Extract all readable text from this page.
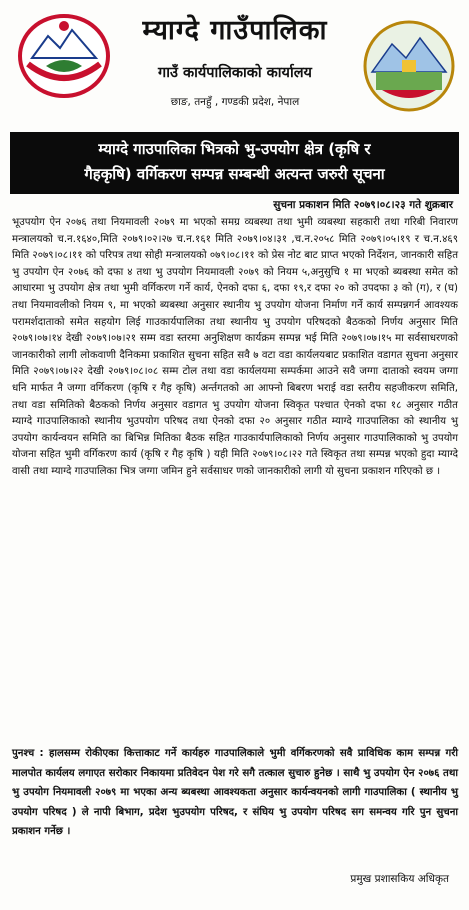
म्याग्दे गाउँपालिका
गाउँ कार्यपालिकाको कार्यालय
छाङ, तनहुँ , गण्डकी प्रदेश, नेपाल
म्याग्दे गाउपालिका भित्रको भु-उपयोग क्षेत्र (कृषि र
गैहकृषि) वर्गिकरण सम्पन्न सम्बन्धी अत्यन्त जरुरी सूचना
सुचना प्रकाशन मिति २०७९।०८।२३ गते शुक्रबार

भूउपयोग ऐन २०७६ तथा नियमावली २०७९ मा भएको समग्र व्यबस्था तथा भुमी व्यबस्था सहकारी तथा गरिबी निवारण मन्त्रालयको च.न.१६४०,मिति २०७९।०२।२७ च.न.१६१ मिति २०७९।०४।३१ ,च.न.२०५८ मिति २०७९।०५।१९ र च.न.४६९ मिति २०७९।०८।११ को परिपत्र तथा सोही मन्त्रालयको ०७९।०८।११ को प्रेस नोट बाट प्राप्त भएको निर्देशन, जानकारी सहित भु उपयोग ऐन २०७६ को दफा ४ तथा भु उपयोग नियमावली २०७९ को नियम ५,अनुसुचि १ मा भएको ब्यबस्था समेत को आधारमा भु उपयोग क्षेत्र तथा भुमी वर्गिकरण गर्ने कार्य, ऐनको दफा ६, दफा १९,र दफा २० को उपदफा ३ को (ग), र (घ) तथा नियमावलीको नियम ९, मा भएको ब्यबस्था अनुसार स्थानीय भु उपयोग योजना निर्माण गर्ने कार्य सम्पन्नगर्न आवश्यक परामर्शदाताको समेत सहयोग लिई गाउकार्यपालिका तथा स्थानीय भु उपयोग परिषदको बैठकको निर्णय अनुसार मिति २०७९।०७।१४ देखी २०७९।०७।२१ सम्म वडा स्तरमा अनुशिक्षण कार्यक्रम सम्पन्न भई मिति २०७९।०७।१५ मा सर्वसाधरणको जानकारीको लागी लोकवाणी दैनिकमा प्रकाशित सुचना सहित सवै ७ वटा वडा कार्यलयबाट प्रकाशित वडागत सुचना अनुसार मिति २०७९।०७।२२ देखी २०७९।०८।०८ सम्म टोल तथा वडा कार्यलयमा सम्पर्कमा आउने सवै जग्गा दाताको स्वयम जग्गा धनि मार्फत नै जग्गा वर्गिकरण (कृषि र गैह कृषि) अर्न्तगतको आ आफ्नो बिबरण भराई वडा स्तरीय सहजीकरण समिति, तथा वडा समितिको बैठकको निर्णय अनुसार वडागत भु उपयोग योजना स्विकृत पश्चात ऐनको दफा १८ अनुसार गठीत म्याग्दे गाउपालिकाको स्थानीय भुउपयोग परिषद तथा ऐनको दफा २० अनुसार गठीत म्याग्दे गाउपालिका को स्थानीय भु उपयोग कार्यन्वयन समिति का बिभिन्न मितिका बैठक सहित गाउकार्यपालिकाको निर्णय अनुसार गाउपालिकाको भु उपयोग योजना सहित भुमी वर्गिकरण कार्य (कृषि र गैह कृषि ) यही मिति २०७९।०८।२२ गते स्विकृत तथा सम्पन्न भएको हुदा म्याग्दे वासी तथा म्याग्दे गाउपालिका भित्र जग्गा जमिन हुने सर्वसाधर णको जानकारीको लागी यो सुचना प्रकाशन गरिएको छ ।

पुनश्च : हालसम्म रोकीएका कित्ताकाट गर्ने कार्यहरु गाउपालिकाले भुमी वर्गिकरणको सवै प्राविधिक काम सम्पन्न गरी मालपोत कार्यलय लगाएत सरोकार निकायमा प्रतिवेदन पेश गरे सगै तत्काल सुचारु हुनेछ । साथै भु उपयोग ऐन २०७६ तथा भु उपयोग नियमावली २०७९ मा भएका अन्य ब्यबस्था आवश्यकता अनुसार कार्यन्वयनको लागी गाउपालिका ( स्थानीय भु उपयोग परिषद ) ले नापी बिभाग, प्रदेश भुउपयोग परिषद, र संघिय भु उपयोग परिषद सग समन्वय गरि पुन सुचना प्रकाशन गर्नेछ ।
प्रमुख प्रशासकिय अधिकृत
